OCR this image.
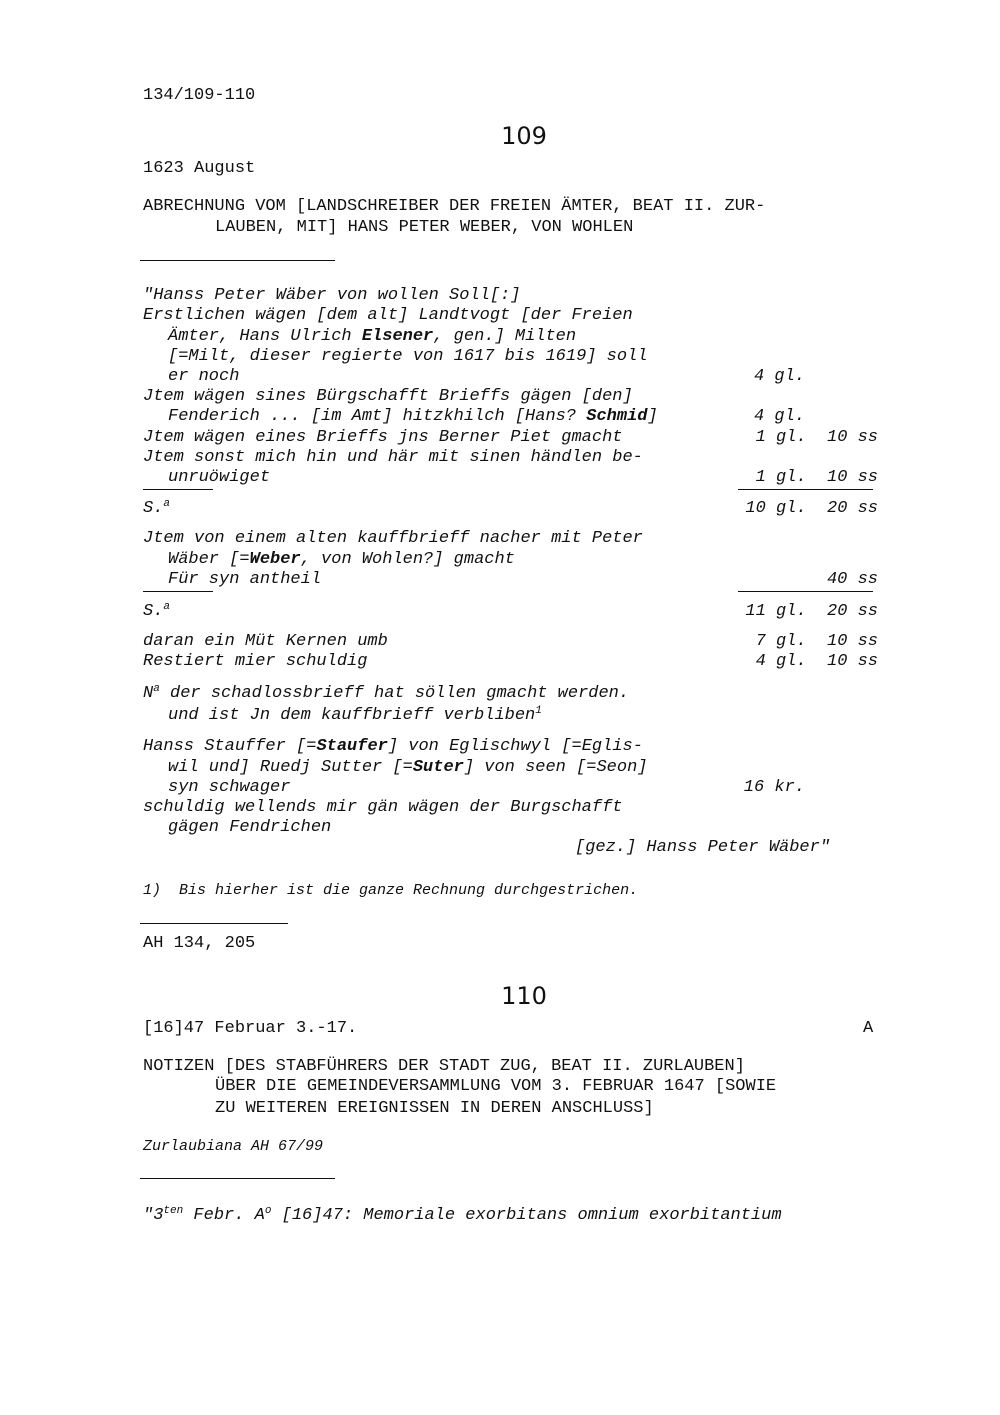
134/109-110
109
1623 August
ABRECHNUNG VOM [LANDSCHREIBER DER FREIEN ÄMTER, BEAT II. ZUR-
LAUBEN, MIT] HANS PETER WEBER, VON WOHLEN
"Hanss Peter Wäber von wollen Soll[:]
Erstlichen wägen [dem alt] Landtvogt [der Freien
Ämter, Hans Ulrich Elsener, gen.] Milten
[=Milt, dieser regierte von 1617 bis 1619] soll
er noch	4 gl.
Jtem wägen sines Bürgschafft Brieffs gägen [den]
Fenderich ... [im Amt] hitzkhilch [Hans? Schmid]	4 gl.
Jtem wägen eines Brieffs jns Berner Piet gmacht	1 gl.  10 ss
Jtem sonst mich hin und här mit sinen händlen be-
unruöwiget	1 gl.  10 ss
S.$^a$	10 gl.  20 ss
Jtem von einem alten kauffbrieff nacher mit Peter
Wäber [=Weber, von Wohlen?] gmacht
Für syn antheil	40 ss
S.$^a$	11 gl.  20 ss
daran ein Müt Kernen umb	7 gl.  10 ss
Restiert mier schuldig	4 gl.  10 ss
$N^a$ der schadlossbrieff hat söllen gmacht werden.
und ist Jn dem kauffbrieff verbliben$^1$
Hanss Stauffer [=Staufer] von Eglischwyl [=Eglis-
wil und] Ruedj Sutter [=Suter] von seen [=Seon]
syn schwager	16 kr.
schuldig wellends mir gän wägen der Burgschafft
gägen Fendrichen
[gez.] Hanss Peter Wäber"
1)  Bis hierher ist die ganze Rechnung durchgestrichen.
AH 134, 205
110
[16]47 Februar 3.-17.	A
NOTIZEN [DES STABFÜHRERS DER STADT ZUG, BEAT II. ZURLAUBEN]
ÜBER DIE GEMEINDEVERSAMMLUNG VOM 3. FEBRUAR 1647 [SOWIE
ZU WEITEREN EREIGNISSEN IN DEREN ANSCHLUSS]
Zurlaubiana AH 67/99
"$3^{ten}$ Febr. $A^o$ [16]47: Memoriale exorbitans omnium exorbitantium
